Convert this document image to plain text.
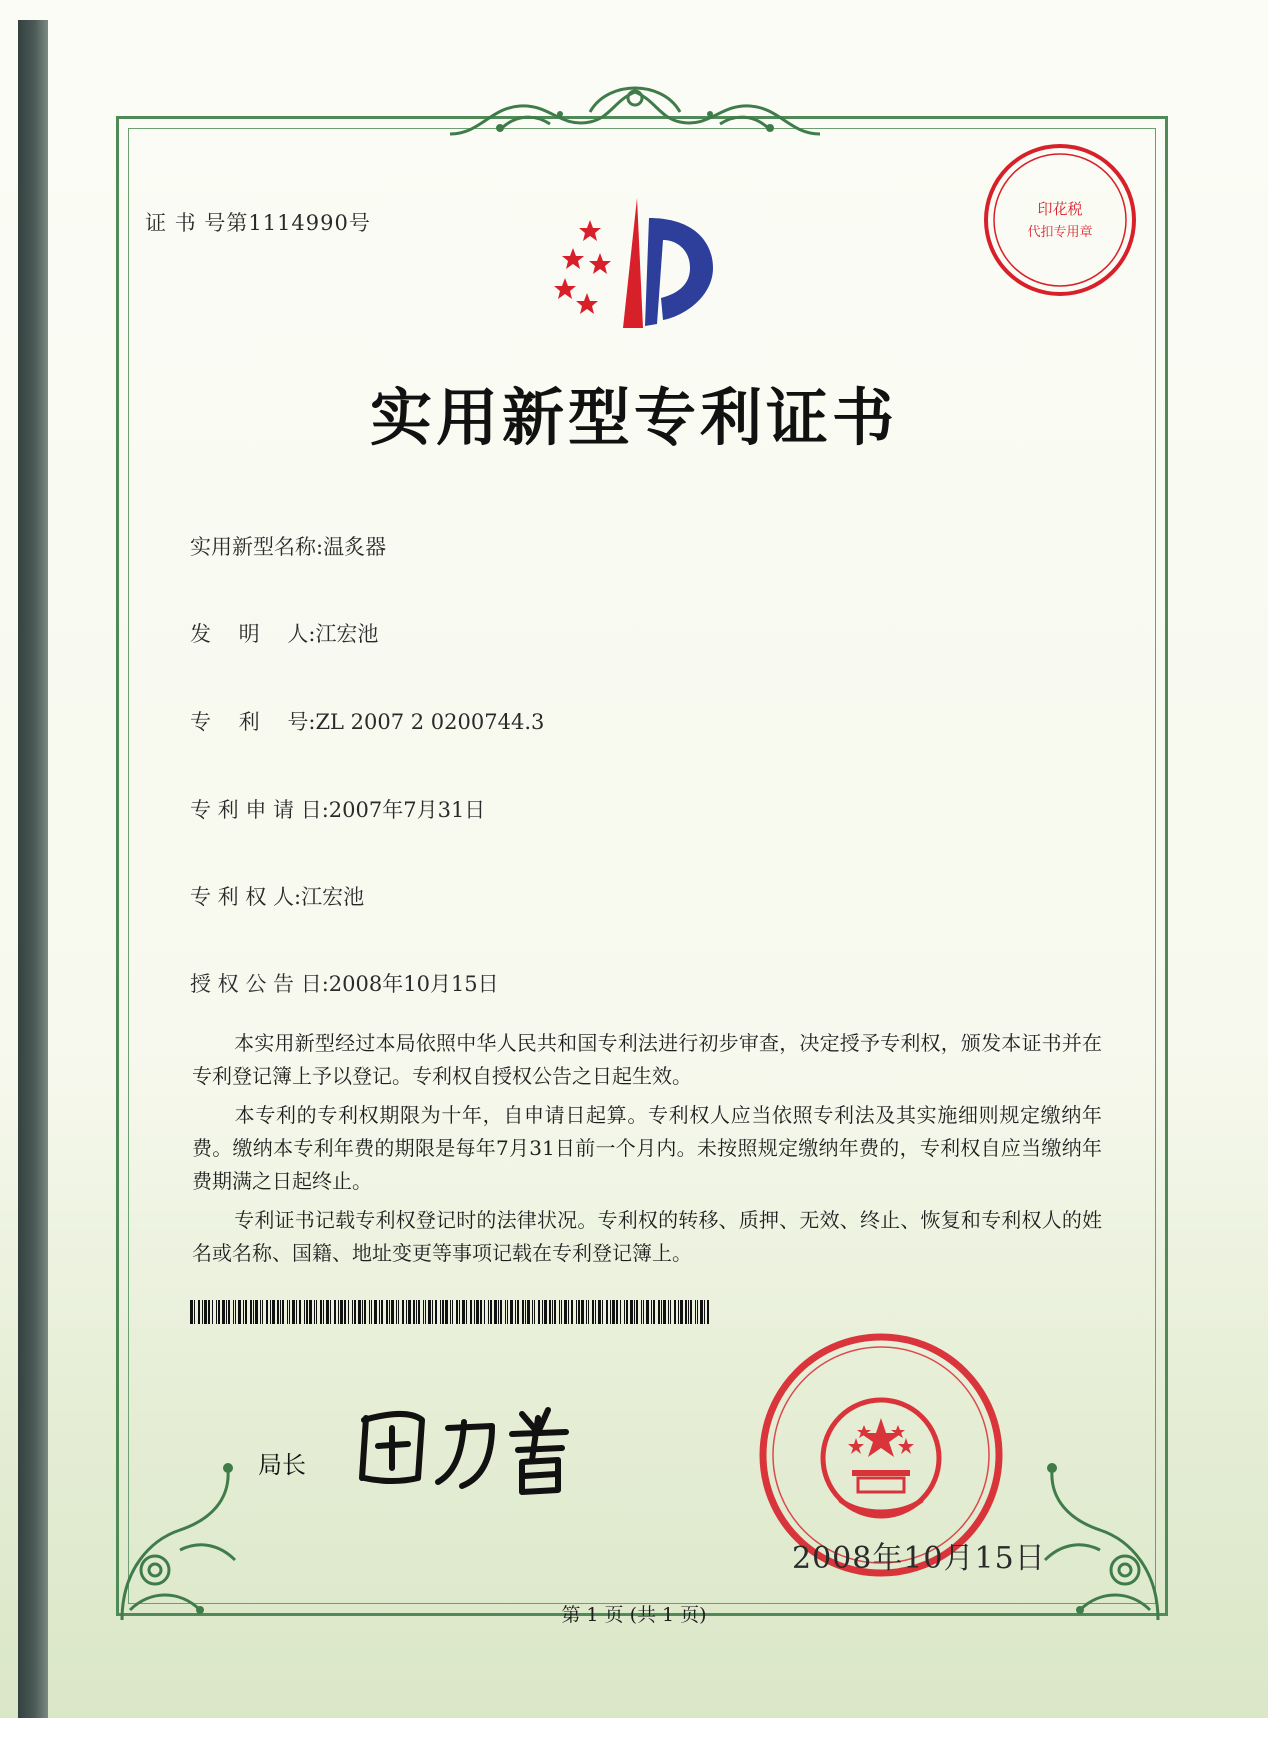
证 书 号第1114990号
印花税
代扣专用章
实用新型专利证书
实用新型名称:温炙器
发　 明 　人:江宏池
专　 利 　号:ZL 2007 2 0200744.3
专 利 申 请 日:2007年7月31日
专 利 权 人:江宏池
授 权 公 告 日:2008年10月15日
本实用新型经过本局依照中华人民共和国专利法进行初步审查，决定授予专利权，颁发本证书并在专利登记簿上予以登记。专利权自授权公告之日起生效。
本专利的专利权期限为十年，自申请日起算。专利权人应当依照专利法及其实施细则规定缴纳年费。缴纳本专利年费的期限是每年7月31日前一个月内。未按照规定缴纳年费的，专利权自应当缴纳年费期满之日起终止。
专利证书记载专利权登记时的法律状况。专利权的转移、质押、无效、终止、恢复和专利权人的姓名或名称、国籍、地址变更等事项记载在专利登记簿上。
局长
2008年10月15日
第 1 页 (共 1 页)
